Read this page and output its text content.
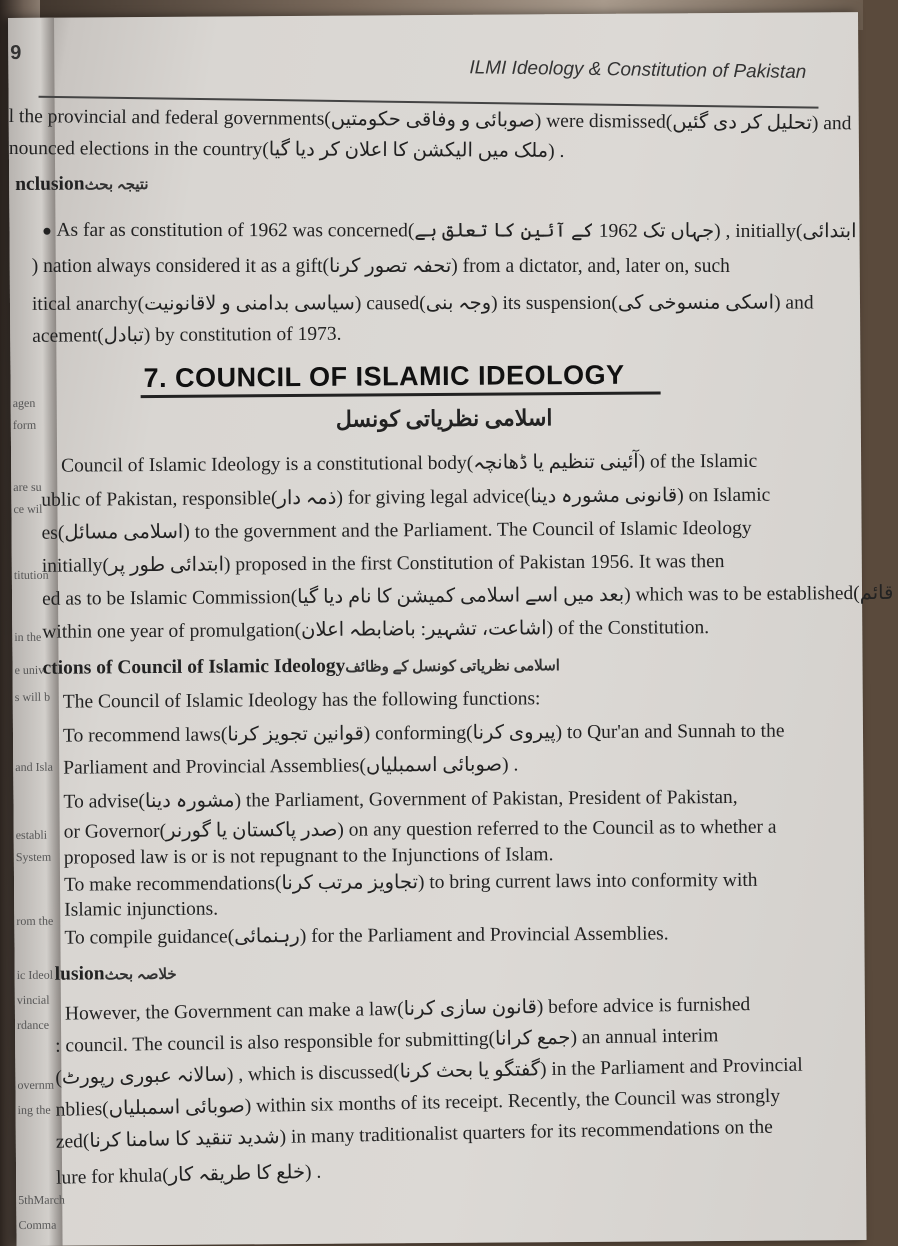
agen
form
are su
ce wil
titution
in the
e univ
s will b
and Isla
establi
System
rom the
ic Ideol
vincial
rdance
overnm
ing the
5thMarch
Comma
9
ILMI Ideology & Constitution of Pakistan
l the provincial and federal governments(صوبائی و وفاقی حکومتیں) were dismissed(تحلیل کر دی گئیں) and
nounced elections in the country(ملک میں الیکشن کا اعلان کر دیا گیا) .
nclusionنتیجہ بحث
As far as constitution of 1962 was concerned(جہاں تک 1962 کے آئین کا تعلق ہے) , initially(ابتدائی
) nation always considered it as a gift(تحفہ تصور کرنا) from a dictator, and, later on, such
itical anarchy(سیاسی بدامنی و لاقانونیت) caused(وجہ بنی) its suspension(اسکی منسوخی کی) and
acement(تبادل) by constitution of 1973.
7. COUNCIL OF ISLAMIC IDEOLOGY
اسلامی نظریاتی کونسل
Council of Islamic Ideology is a constitutional body(آئینی تنظیم یا ڈھانچہ) of the Islamic
ublic of Pakistan, responsible(ذمہ دار) for giving legal advice(قانونی مشورہ دینا) on Islamic
es(اسلامی مسائل) to the government and the Parliament. The Council of Islamic Ideology
initially(ابتدائی طور پر) proposed in the first Constitution of Pakistan 1956. It was then
ed as to be Islamic Commission(بعد میں اسے اسلامی کمیشن کا نام دیا گیا) which was to be established(قائم
within one year of promulgation(اشاعت، تشہیر: باضابطہ اعلان) of the Constitution.
ctions of Council of Islamic Ideologyاسلامی نظریاتی کونسل کے وظائف
The Council of Islamic Ideology has the following functions:
To recommend laws(قوانین تجویز کرنا) conforming(پیروی کرنا) to Qur'an and Sunnah to the
Parliament and Provincial Assemblies(صوبائی اسمبلیاں) .
To advise(مشورہ دینا) the Parliament, Government of Pakistan, President of Pakistan,
or Governor(صدر پاکستان یا گورنر) on any question referred to the Council as to whether a
proposed law is or is not repugnant to the Injunctions of Islam.
To make recommendations(تجاویز مرتب کرنا) to bring current laws into conformity with
Islamic injunctions.
To compile guidance(رہنمائی) for the Parliament and Provincial Assemblies.
lusionخلاصہ بحث
However, the Government can make a law(قانون سازی کرنا) before advice is furnished
: council. The council is also responsible for submitting(جمع کرانا) an annual interim
(سالانہ عبوری رپورٹ) , which is discussed(گفتگو یا بحث کرنا) in the Parliament and Provincial
nblies(صوبائی اسمبلیاں) within six months of its receipt. Recently, the Council was strongly
zed(شدید تنقید کا سامنا کرنا) in many traditionalist quarters for its recommendations on the
lure for khula(خلع کا طریقہ کار) .
